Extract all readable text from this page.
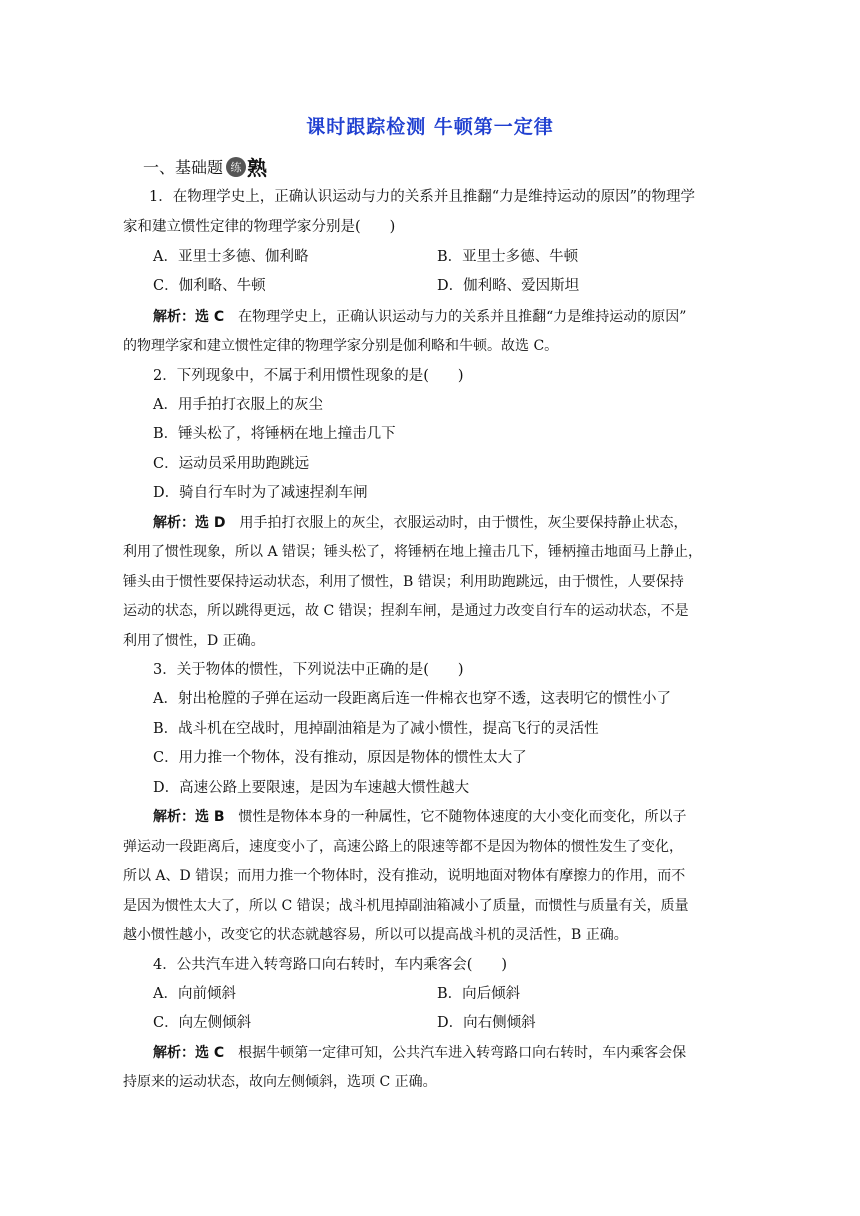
课时跟踪检测 牛顿第一定律
一、基础题 练 熟
1．在物理学史上，正确认识运动与力的关系并且推翻“力是维持运动的原因”的物理学
家和建立惯性定律的物理学家分别是(　　)
A．亚里士多德、伽利略	B．亚里士多德、牛顿
C．伽利略、牛顿	D．伽利略、爱因斯坦
解析：选 C　在物理学史上，正确认识运动与力的关系并且推翻“力是维持运动的原因”
的物理学家和建立惯性定律的物理学家分别是伽利略和牛顿。故选 C。
2．下列现象中，不属于利用惯性现象的是(　　)
A．用手拍打衣服上的灰尘
B．锤头松了，将锤柄在地上撞击几下
C．运动员采用助跑跳远
D．骑自行车时为了减速捏刹车闸
解析：选 D　用手拍打衣服上的灰尘，衣服运动时，由于惯性，灰尘要保持静止状态，
利用了惯性现象，所以 A 错误；锤头松了，将锤柄在地上撞击几下，锤柄撞击地面马上静止，
锤头由于惯性要保持运动状态，利用了惯性，B 错误；利用助跑跳远，由于惯性，人要保持
运动的状态，所以跳得更远，故 C 错误；捏刹车闸，是通过力改变自行车的运动状态，不是
利用了惯性，D 正确。
3．关于物体的惯性，下列说法中正确的是(　　)
A．射出枪膛的子弹在运动一段距离后连一件棉衣也穿不透，这表明它的惯性小了
B．战斗机在空战时，甩掉副油箱是为了减小惯性，提高飞行的灵活性
C．用力推一个物体，没有推动，原因是物体的惯性太大了
D．高速公路上要限速，是因为车速越大惯性越大
解析：选 B　惯性是物体本身的一种属性，它不随物体速度的大小变化而变化，所以子
弹运动一段距离后，速度变小了，高速公路上的限速等都不是因为物体的惯性发生了变化，
所以 A、D 错误；而用力推一个物体时，没有推动，说明地面对物体有摩擦力的作用，而不
是因为惯性太大了，所以 C 错误；战斗机甩掉副油箱减小了质量，而惯性与质量有关，质量
越小惯性越小，改变它的状态就越容易，所以可以提高战斗机的灵活性，B 正确。
4．公共汽车进入转弯路口向右转时，车内乘客会(　　)
A．向前倾斜	B．向后倾斜
C．向左侧倾斜	D．向右侧倾斜
解析：选 C　根据牛顿第一定律可知，公共汽车进入转弯路口向右转时，车内乘客会保
持原来的运动状态，故向左侧倾斜，选项 C 正确。
